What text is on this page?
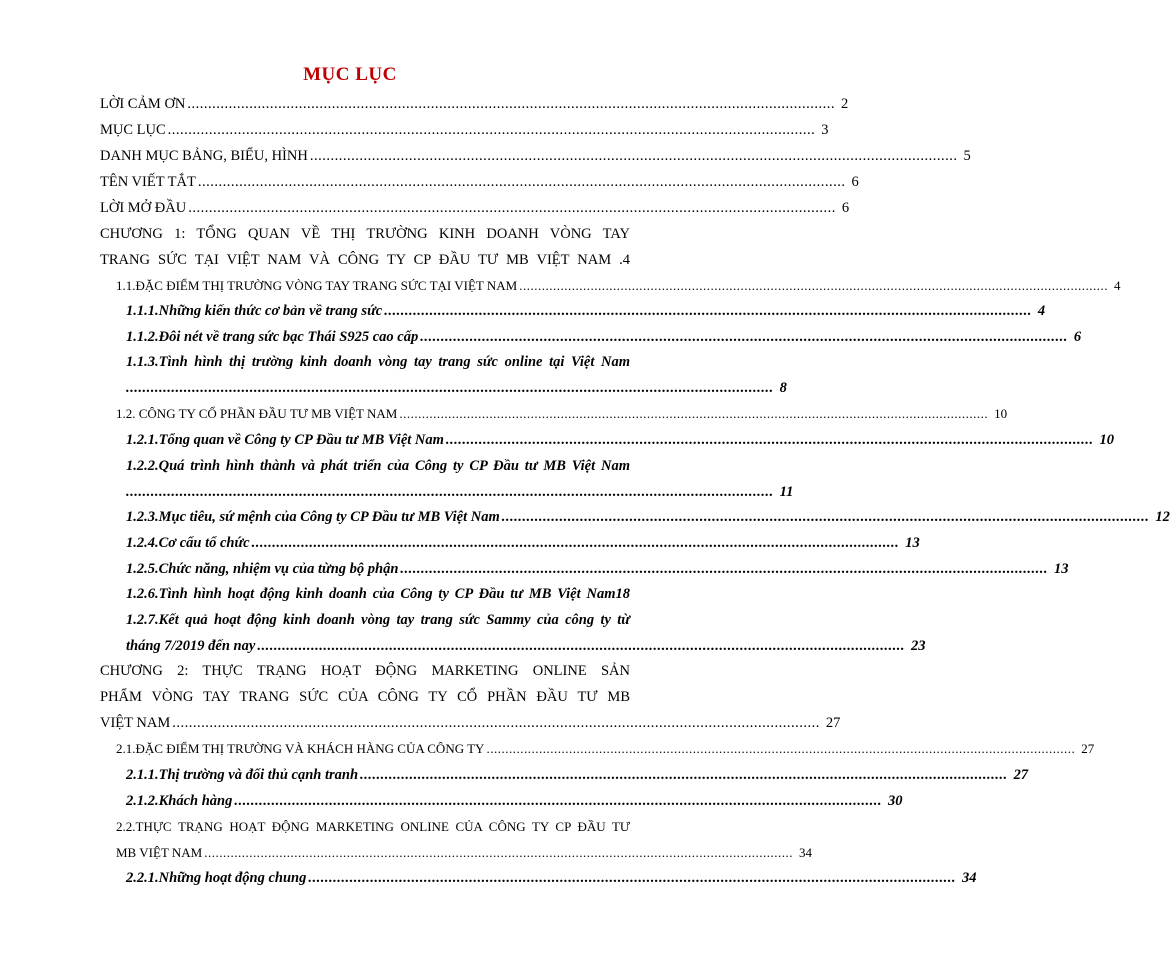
MỤC LỤC
LỜI CẢM ƠN ............................................................................................................................................................. 2
MỤC LỤC ............................................................................................................................................................. 3
DANH MỤC BẢNG, BIỂU, HÌNH ............................................................................................................................................................. 5
TÊN VIẾT TẮT ............................................................................................................................................................. 6
LỜI MỞ ĐẦU ............................................................................................................................................................. 6
CHƯƠNG 1: TỔNG QUAN VỀ THỊ TRƯỜNG KINH DOANH VÒNG TAY
TRANG SỨC TẠI VIỆT NAM VÀ CÔNG TY CP ĐẦU TƯ MB VIỆT NAM .4
1.1.ĐẶC ĐIỂM THỊ TRƯỜNG VÒNG TAY TRANG SỨC TẠI VIỆT NAM ............................................................................................................................................................. 4
1.1.1.Những kiến thức cơ bản về trang sức ............................................................................................................................................................. 4
1.1.2.Đôi nét về trang sức bạc Thái S925 cao cấp ............................................................................................................................................................. 6
1.1.3.Tình hình thị trường kinh doanh vòng tay trang sức online tại Việt Nam
............................................................................................................................................................. 8
1.2. CÔNG TY CỔ PHẦN ĐẦU TƯ MB VIỆT NAM ............................................................................................................................................................. 10
1.2.1.Tổng quan về Công ty CP Đầu tư MB Việt Nam ............................................................................................................................................................. 10
1.2.2.Quá trình hình thành và phát triển của Công ty CP Đầu tư MB Việt Nam
............................................................................................................................................................. 11
1.2.3.Mục tiêu, sứ mệnh của Công ty CP Đầu tư MB Việt Nam ............................................................................................................................................................. 12
1.2.4.Cơ cấu tổ chức ............................................................................................................................................................. 13
1.2.5.Chức năng, nhiệm vụ của từng bộ phận ............................................................................................................................................................. 13
1.2.6.Tình hình hoạt động kinh doanh của Công ty CP Đầu tư MB Việt Nam18
1.2.7.Kết quả hoạt động kinh doanh vòng tay trang sức Sammy của công ty từ
tháng 7/2019 đến nay ............................................................................................................................................................. 23
CHƯƠNG 2: THỰC TRẠNG HOẠT ĐỘNG MARKETING ONLINE SẢN
PHẨM VÒNG TAY TRANG SỨC CỦA CÔNG TY CỔ PHẦN ĐẦU TƯ MB
VIỆT NAM ............................................................................................................................................................. 27
2.1.ĐẶC ĐIỂM THỊ TRƯỜNG VÀ KHÁCH HÀNG CỦA CÔNG TY ............................................................................................................................................................. 27
2.1.1.Thị trường và đối thủ cạnh tranh ............................................................................................................................................................. 27
2.1.2.Khách hàng ............................................................................................................................................................. 30
2.2.THỰC TRẠNG HOẠT ĐỘNG MARKETING ONLINE CỦA CÔNG TY CP ĐẦU TƯ
MB VIỆT NAM ............................................................................................................................................................. 34
2.2.1.Những hoạt động chung ............................................................................................................................................................. 34
